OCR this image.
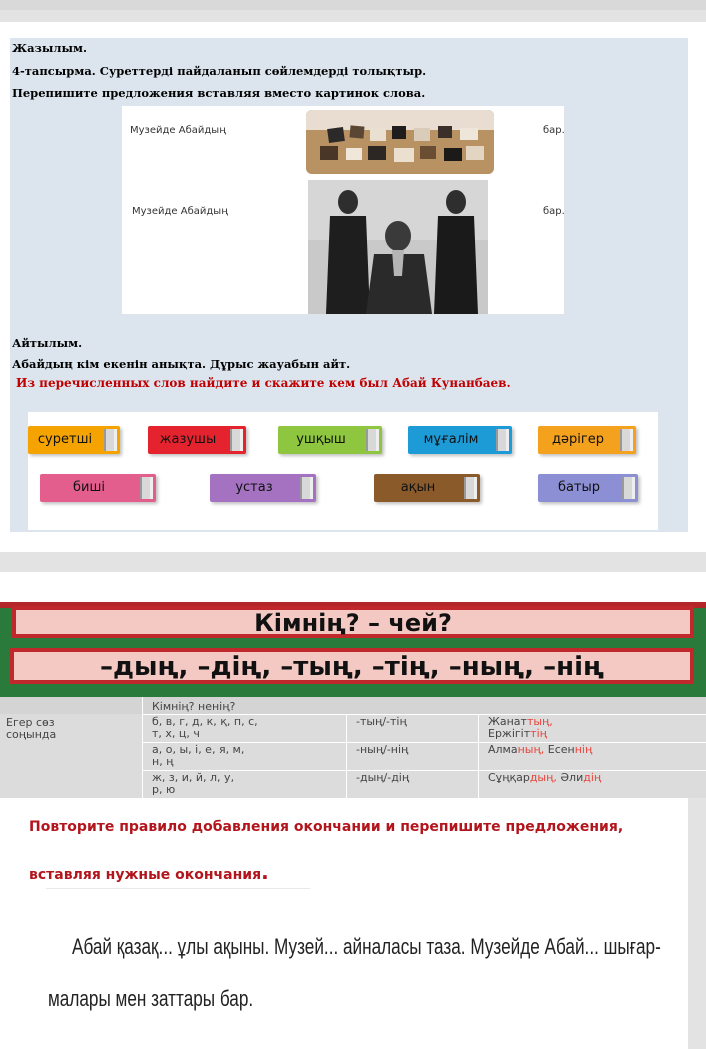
Жазылым.
4-тапсырма. Суреттерді пайдаланып сөйлемдерді толықтыр.
Перепишите предложения вставляя вместо картинок слова.
Музейде Абайдың	бар.
Музейде Абайдың	бар.
Айтылым.
Абайдың кім екенін анықта. Дұрыс жауабын айт.
Из перечисленных слов найдите и скажите кем был Абай Кунанбаев.
суретші	жазушы	ушқыш	мұғалім	дәрігер
биші	устаз	ақын	батыр
Кімнің? – чей?
–дың, –дің, –тың, –тің, –ның, –нің
Кімнің? ненің?
Егер сөз
соңында
б, в, г, д, к, қ, п, с,
т, х, ц, ч
-тың/-тің	Жанаттың,
Ержігіттің
а, о, ы, і, е, я, м,
н, ң
-ның/-нің	Алманың, Есеннің
ж, з, и, й, л, у,
р, ю
-дың/-дің	Сұңқардың, Әлидің
Повторите правило добавления окончании и перепишите предложения,
вставляя нужные окончания.
Абай қазақ... ұлы ақыны. Музей... айналасы таза. Музейде Абай... шығар-
малары мен заттары бар.
